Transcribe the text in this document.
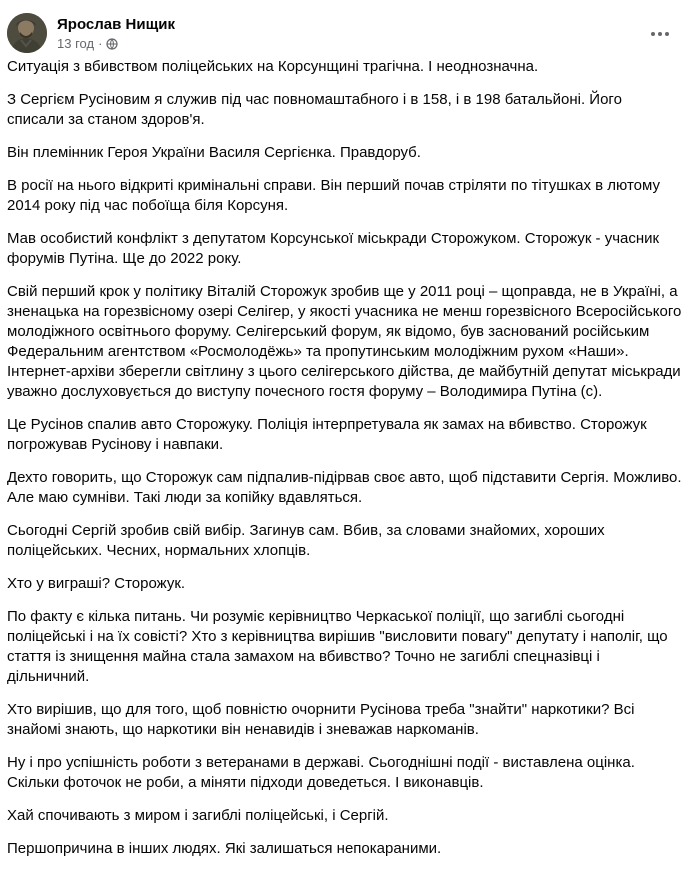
Ярослав Нищик
13 год ·

Ситуація з вбивством поліцейських на Корсунщині трагічна. І неоднозначна.

З Сергієм Русіновим я служив під час повномаштабного і в 158, і в 198 батальйоні. Його списали за станом здоров'я.

Він племінник Героя України Василя Сергієнка. Правдоруб.

В росії на нього відкриті кримінальні справи. Він перший почав стріляти по тітушках в лютому 2014 року під час побоїща біля Корсуня.

Мав особистий конфлікт з депутатом Корсунської міськради Сторожуком. Сторожук - учасник форумів Путіна. Ще до 2022 року.

Свій перший крок у політику Віталій Сторожук зробив ще у 2011 році – щоправда, не в Україні, а зненацька на горезвісному озері Селігер, у якості учасника не менш горезвісного Всеросійського молодіжного освітнього форуму. Селігерський форум, як відомо, був заснований російським Федеральним агентством «Росмолодёжь» та пропутинським молодіжним рухом «Наши». Інтернет-архіви зберегли світлину з цього селігерського дійства, де майбутній депутат міськради уважно дослуховується до виступу почесного гостя форуму – Володимира Путіна (с).

Це Русінов спалив авто Сторожуку. Поліція інтерпретувала як замах на вбивство. Сторожук погрожував Русінову і навпаки.

Дехто говорить, що Сторожук сам підпалив-підірвав своє авто, щоб підставити Сергія. Можливо. Але маю сумніви. Такі люди за копійку вдавляться.

Сьогодні Сергій зробив свій вибір. Загинув сам. Вбив, за словами знайомих, хороших поліцейських. Чесних, нормальних хлопців.

Хто у виграші? Сторожук.

По факту є кілька питань. Чи розуміє керівництво Черкаської поліції, що загиблі сьогодні поліцейські і на їх совісті? Хто з керівництва вирішив "висловити повагу" депутату і наполіг, що стаття із знищення майна стала замахом на вбивство? Точно не загиблі спецназівці і дільничний.

Хто вирішив, що для того, щоб повністю очорнити Русінова треба "знайти" наркотики? Всі знайомі знають, що наркотики він ненавидів і зневажав наркоманів.

Ну і про успішність роботи з ветеранами в державі. Сьогоднішні події - виставлена оцінка. Скільки фоточок не роби, а міняти підходи доведеться. І виконавців.

Хай спочивають з миром і загиблі поліцейські, і Сергій.

Першопричина в інших людях. Які залишаться непокараними.
